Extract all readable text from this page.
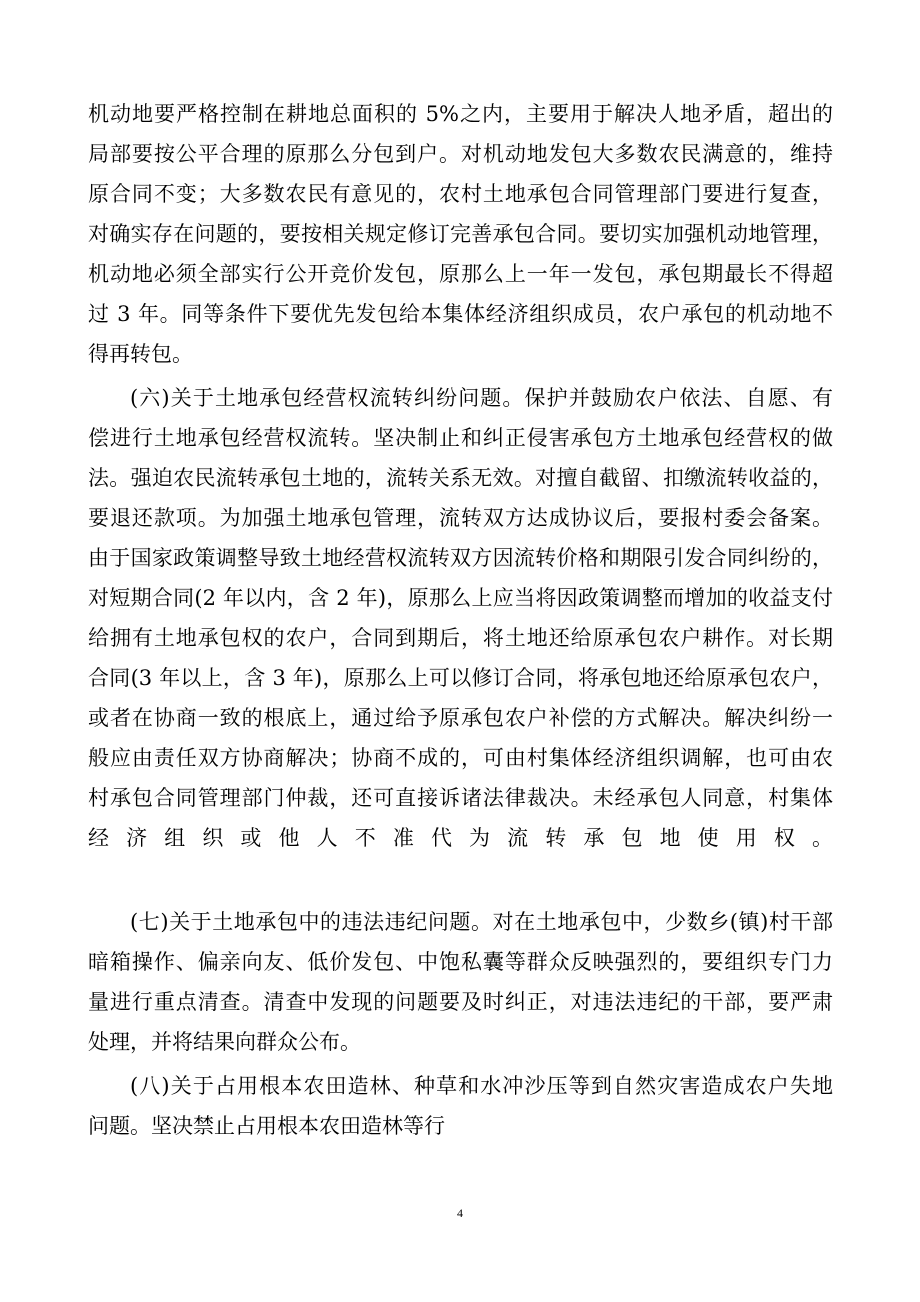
机动地要严格控制在耕地总面积的 5%之内，主要用于解决人地矛盾，超出的
局部要按公平合理的原那么分包到户。对机动地发包大多数农民满意的，维持
原合同不变；大多数农民有意见的，农村土地承包合同管理部门要进行复查，
对确实存在问题的，要按相关规定修订完善承包合同。要切实加强机动地管理，
机动地必须全部实行公开竞价发包，原那么上一年一发包，承包期最长不得超
过 3 年。同等条件下要优先发包给本集体经济组织成员，农户承包的机动地不
得再转包。
(六)关于土地承包经营权流转纠纷问题。保护并鼓励农户依法、自愿、有
偿进行土地承包经营权流转。坚决制止和纠正侵害承包方土地承包经营权的做
法。强迫农民流转承包土地的，流转关系无效。对擅自截留、扣缴流转收益的，
要退还款项。为加强土地承包管理，流转双方达成协议后，要报村委会备案。
由于国家政策调整导致土地经营权流转双方因流转价格和期限引发合同纠纷的，
对短期合同(2 年以内，含 2 年)，原那么上应当将因政策调整而增加的收益支付
给拥有土地承包权的农户，合同到期后，将土地还给原承包农户耕作。对长期
合同(3 年以上，含 3 年)，原那么上可以修订合同，将承包地还给原承包农户，
或者在协商一致的根底上，通过给予原承包农户补偿的方式解决。解决纠纷一
般应由责任双方协商解决；协商不成的，可由村集体经济组织调解，也可由农
村承包合同管理部门仲裁，还可直接诉诸法律裁决。未经承包人同意，村集体
经济组织或他人不准代为流转承包地使用权。
(七)关于土地承包中的违法违纪问题。对在土地承包中，少数乡(镇)村干部
暗箱操作、偏亲向友、低价发包、中饱私囊等群众反映强烈的，要组织专门力
量进行重点清查。清查中发现的问题要及时纠正，对违法违纪的干部，要严肃
处理，并将结果向群众公布。
(八)关于占用根本农田造林、种草和水冲沙压等到自然灾害造成农户失地
问题。坚决禁止占用根本农田造林等行
4
